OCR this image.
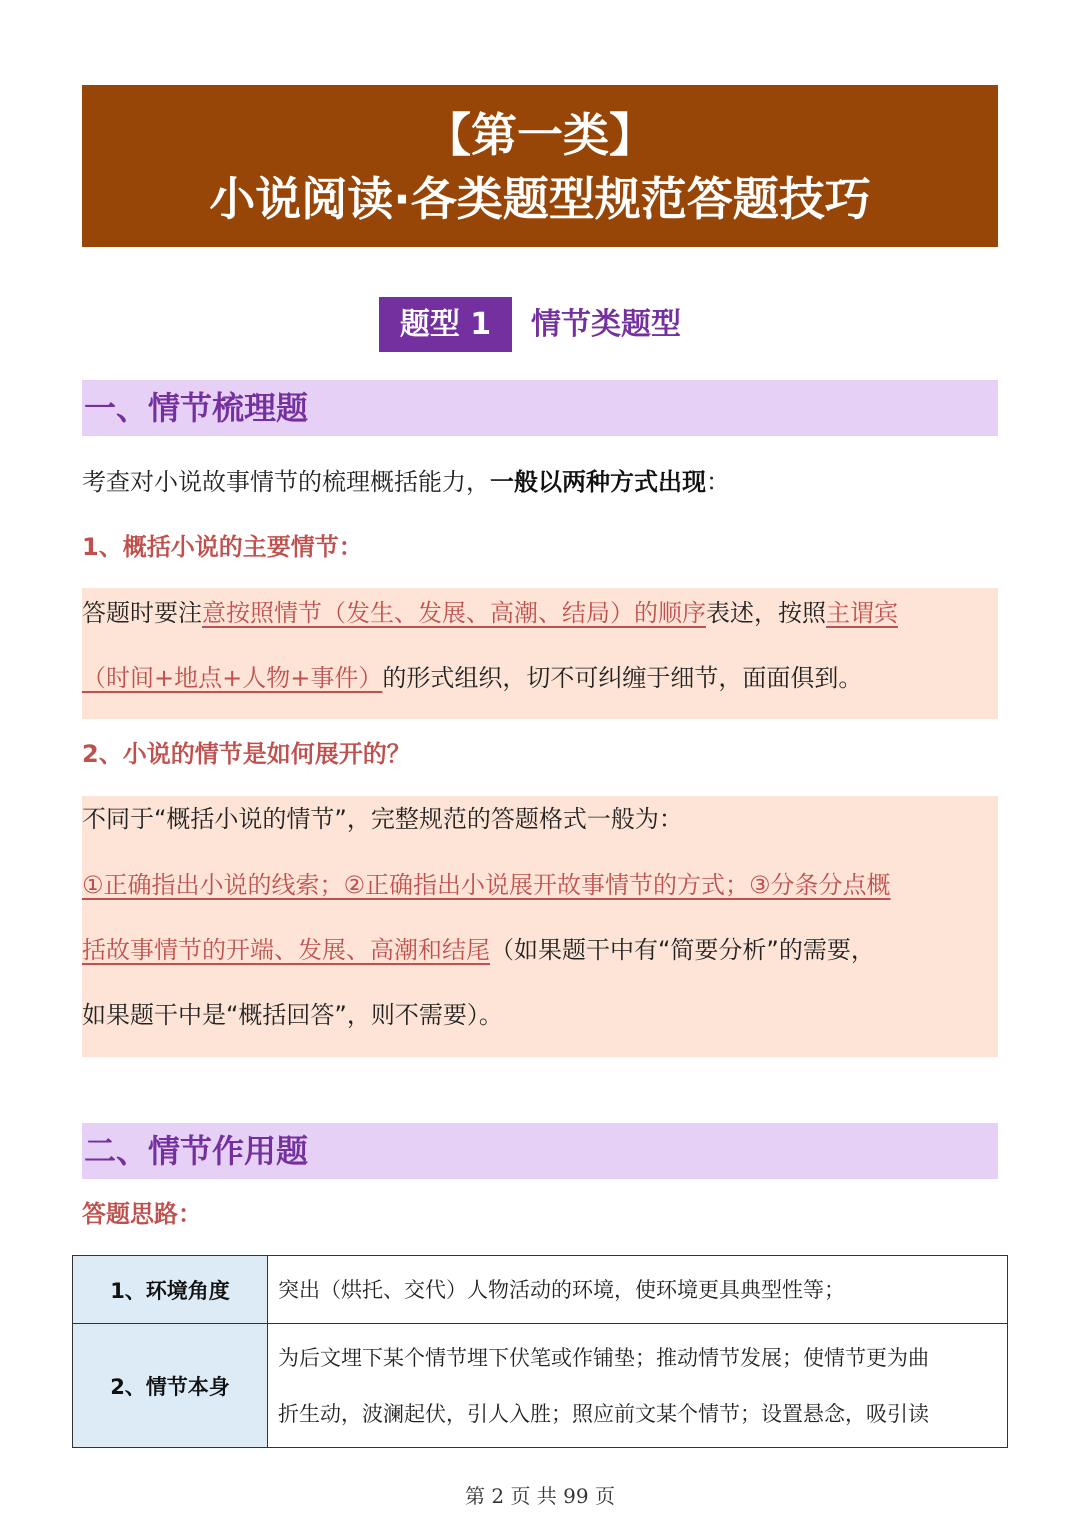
【第一类】
小说阅读·各类题型规范答题技巧
题型 1	情节类题型
一、情节梳理题
考查对小说故事情节的梳理概括能力，一般以两种方式出现：
1、概括小说的主要情节：
答题时要注意按照情节（发生、发展、高潮、结局）的顺序表述，按照主谓宾
（时间+地点+人物+事件）的形式组织，切不可纠缠于细节，面面俱到。
2、小说的情节是如何展开的？
不同于“概括小说的情节”，完整规范的答题格式一般为：
①正确指出小说的线索；②正确指出小说展开故事情节的方式；③分条分点概
括故事情节的开端、发展、高潮和结尾（如果题干中有“简要分析”的需要，
如果题干中是“概括回答”，则不需要）。
二、情节作用题
答题思路：
1、环境角度	突出（烘托、交代）人物活动的环境，使环境更具典型性等；

2、情节本身	为后文埋下某个情节埋下伏笔或作铺垫；推动情节发展；使情节更为曲
折生动，波澜起伏，引人入胜；照应前文某个情节；设置悬念，吸引读
第 2 页 共 99 页
